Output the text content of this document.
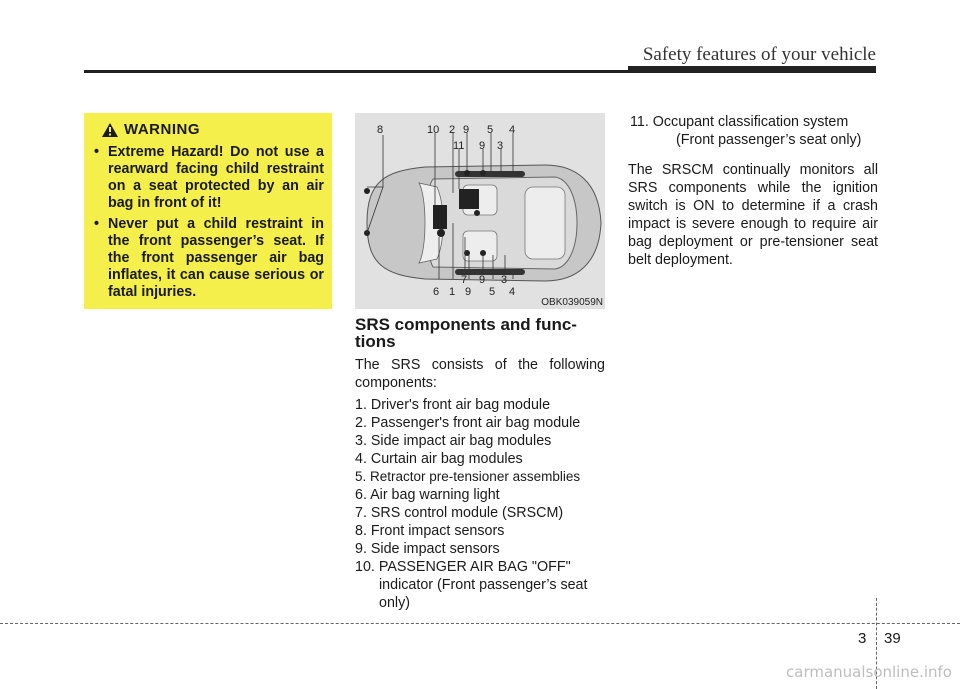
Safety features of your vehicle
WARNING
• Extreme Hazard! Do not use a rearward facing child restraint on a seat protected by an air bag in front of it!
• Never put a child restraint in the front passenger’s seat. If the front passenger air bag inflates, it can cause serious or fatal injuries.
8	10 2 9 5 4
11 9 3
6 1
7
9
9
5
3
4
OBK039059N
SRS components and func-
tions

The SRS consists of the following components:

1. Driver's front air bag module
2. Passenger's front air bag module
3. Side impact air bag modules
4. Curtain air bag modules
5. Retractor pre-tensioner assemblies
6. Air bag warning light
7. SRS control module (SRSCM)
8. Front impact sensors
9. Side impact sensors
10. PASSENGER AIR BAG "OFF" indicator (Front passenger’s seat only)
11. Occupant classification system
(Front passenger’s seat only)

The SRSCM continually monitors all SRS components while the ignition switch is ON to determine if a crash impact is severe enough to require air bag deployment or pre-tensioner seat belt deployment.

3 39
carmanualsonline.info
